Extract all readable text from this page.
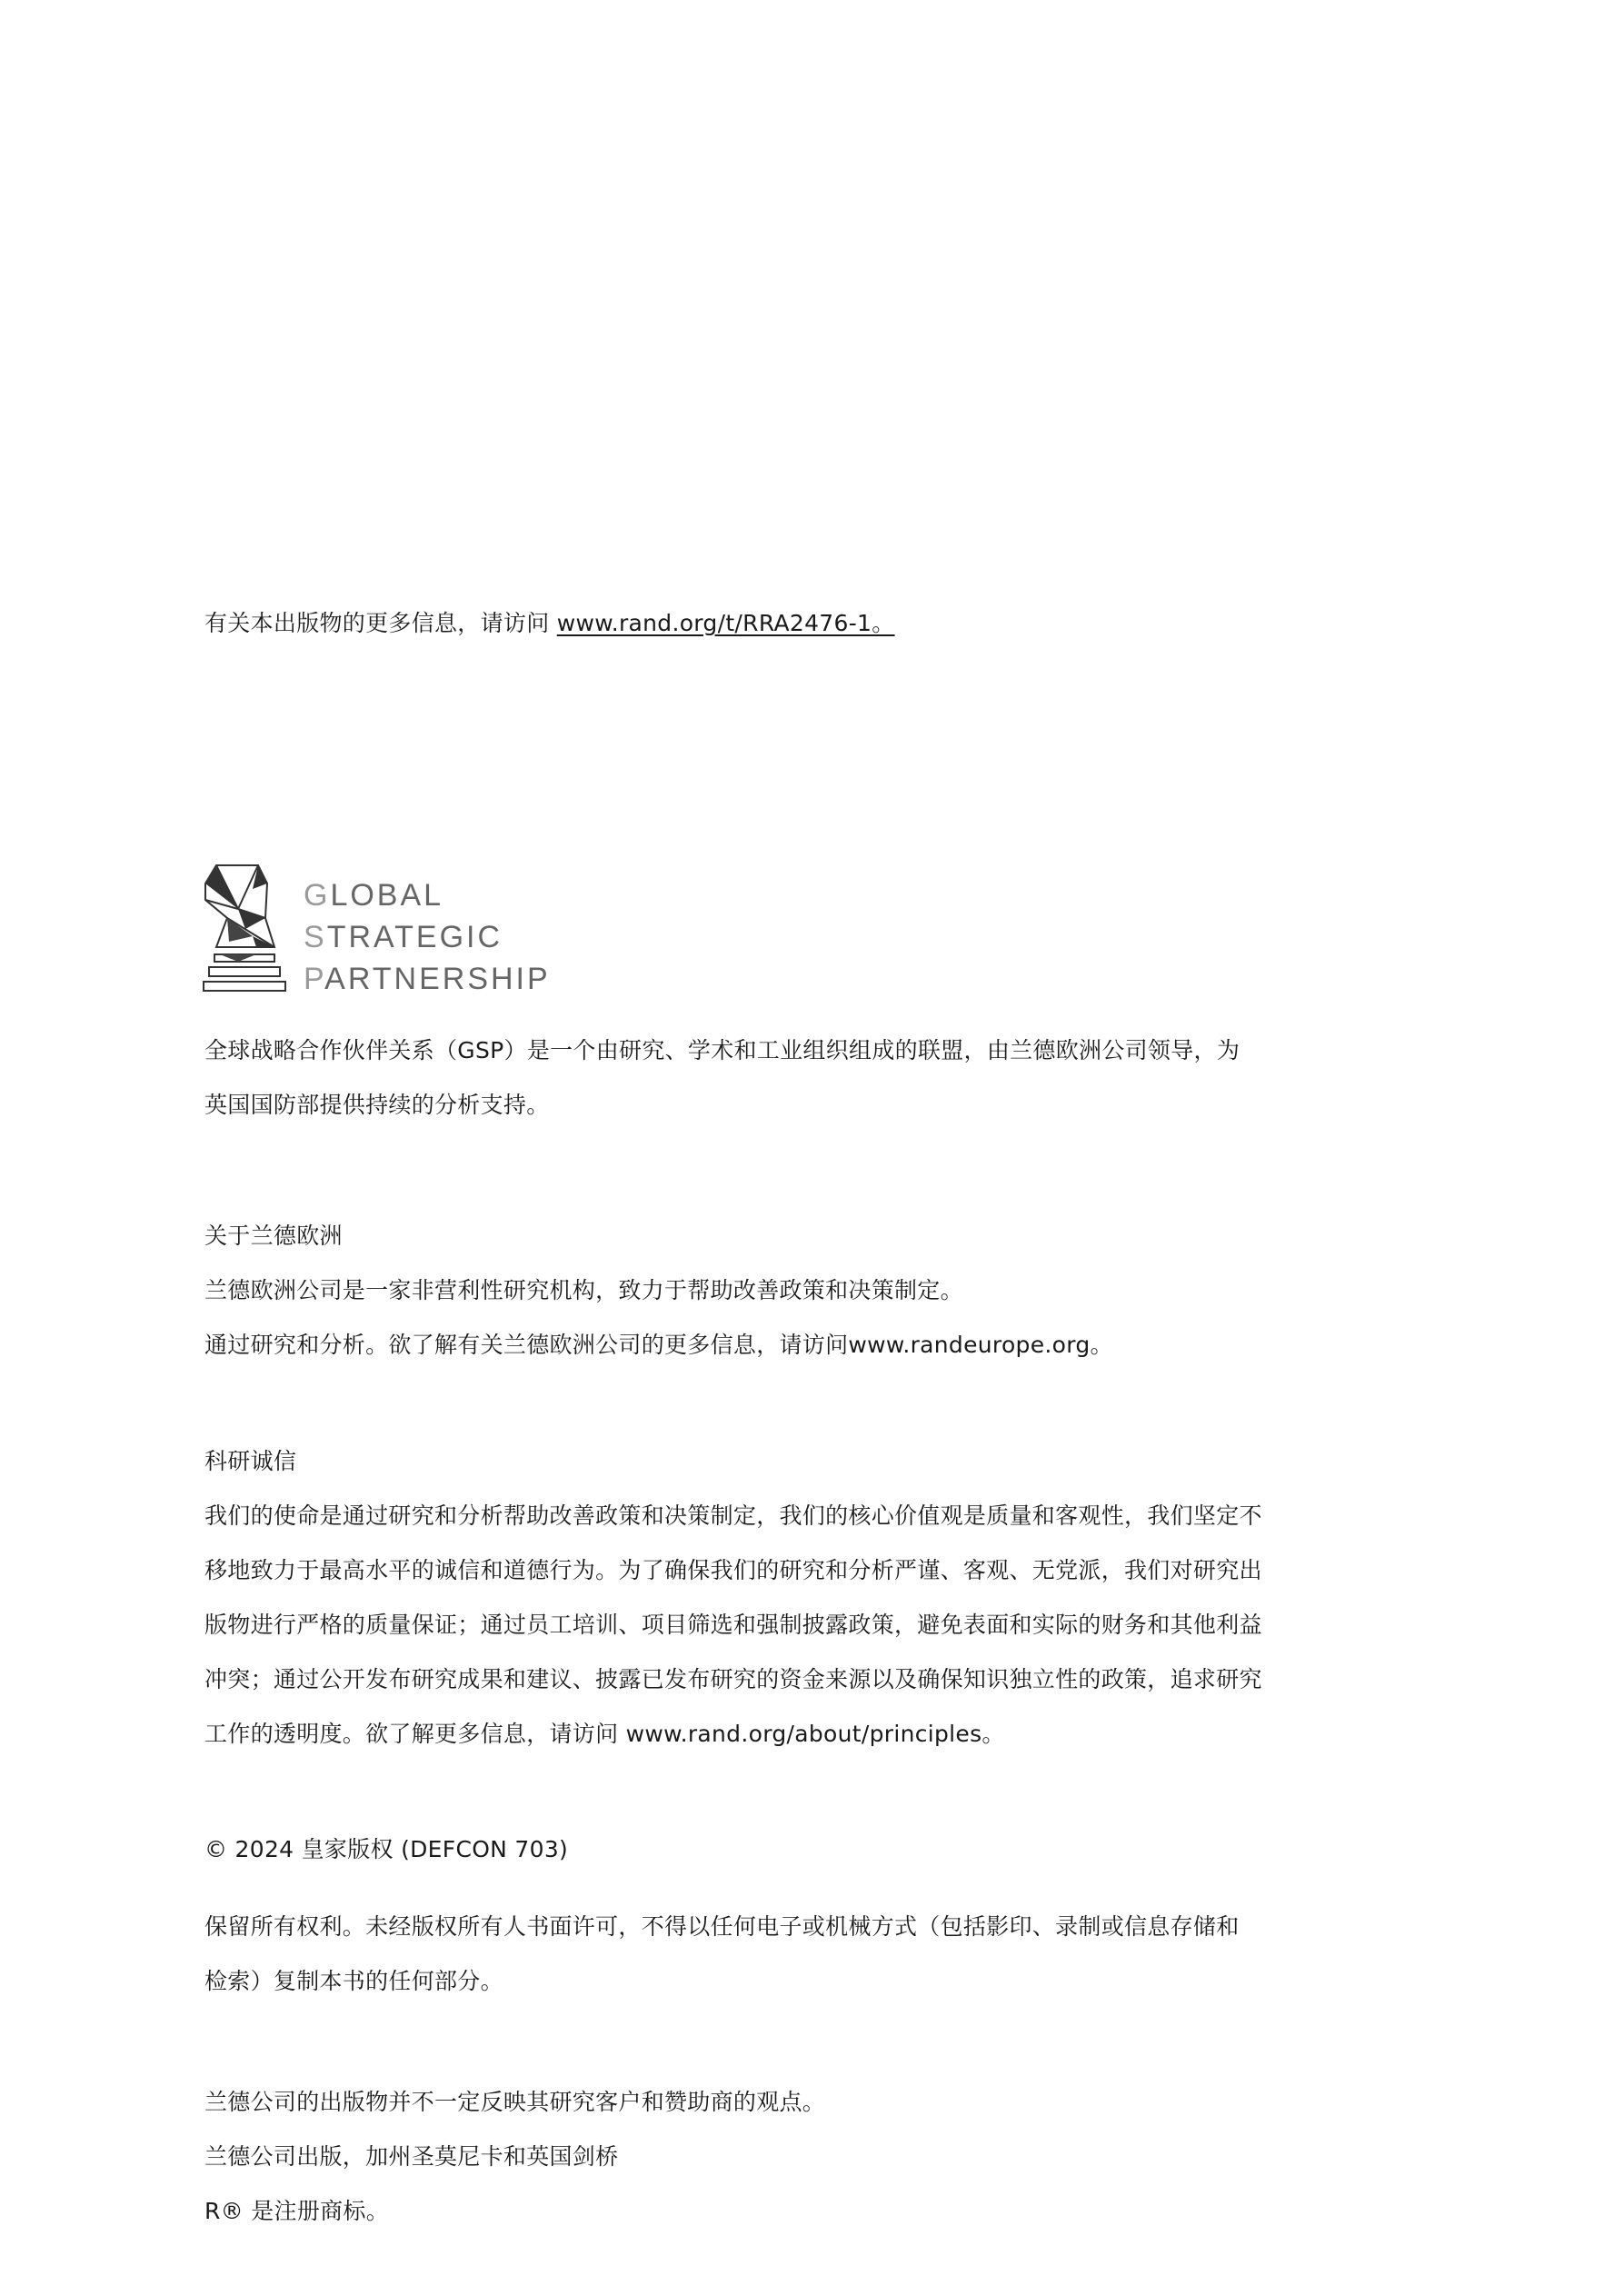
有关本出版物的更多信息，请访问 www.rand.org/t/RRA2476-1。
GLOBAL
STRATEGIC
PARTNERSHIP
全球战略合作伙伴关系（GSP）是一个由研究、学术和工业组织组成的联盟，由兰德欧洲公司领导，为
英国国防部提供持续的分析支持。
关于兰德欧洲
兰德欧洲公司是一家非营利性研究机构，致力于帮助改善政策和决策制定。
通过研究和分析。欲了解有关兰德欧洲公司的更多信息，请访问www.randeurope.org。
科研诚信
我们的使命是通过研究和分析帮助改善政策和决策制定，我们的核心价值观是质量和客观性，我们坚定不
移地致力于最高水平的诚信和道德行为。为了确保我们的研究和分析严谨、客观、无党派，我们对研究出
版物进行严格的质量保证；通过员工培训、项目筛选和强制披露政策，避免表面和实际的财务和其他利益
冲突；通过公开发布研究成果和建议、披露已发布研究的资金来源以及确保知识独立性的政策，追求研究
工作的透明度。欲了解更多信息，请访问 www.rand.org/about/principles。
© 2024 皇家版权 (DEFCON 703)
保留所有权利。未经版权所有人书面许可，不得以任何电子或机械方式（包括影印、录制或信息存储和
检索）复制本书的任何部分。
兰德公司的出版物并不一定反映其研究客户和赞助商的观点。
兰德公司出版，加州圣莫尼卡和英国剑桥
R® 是注册商标。
